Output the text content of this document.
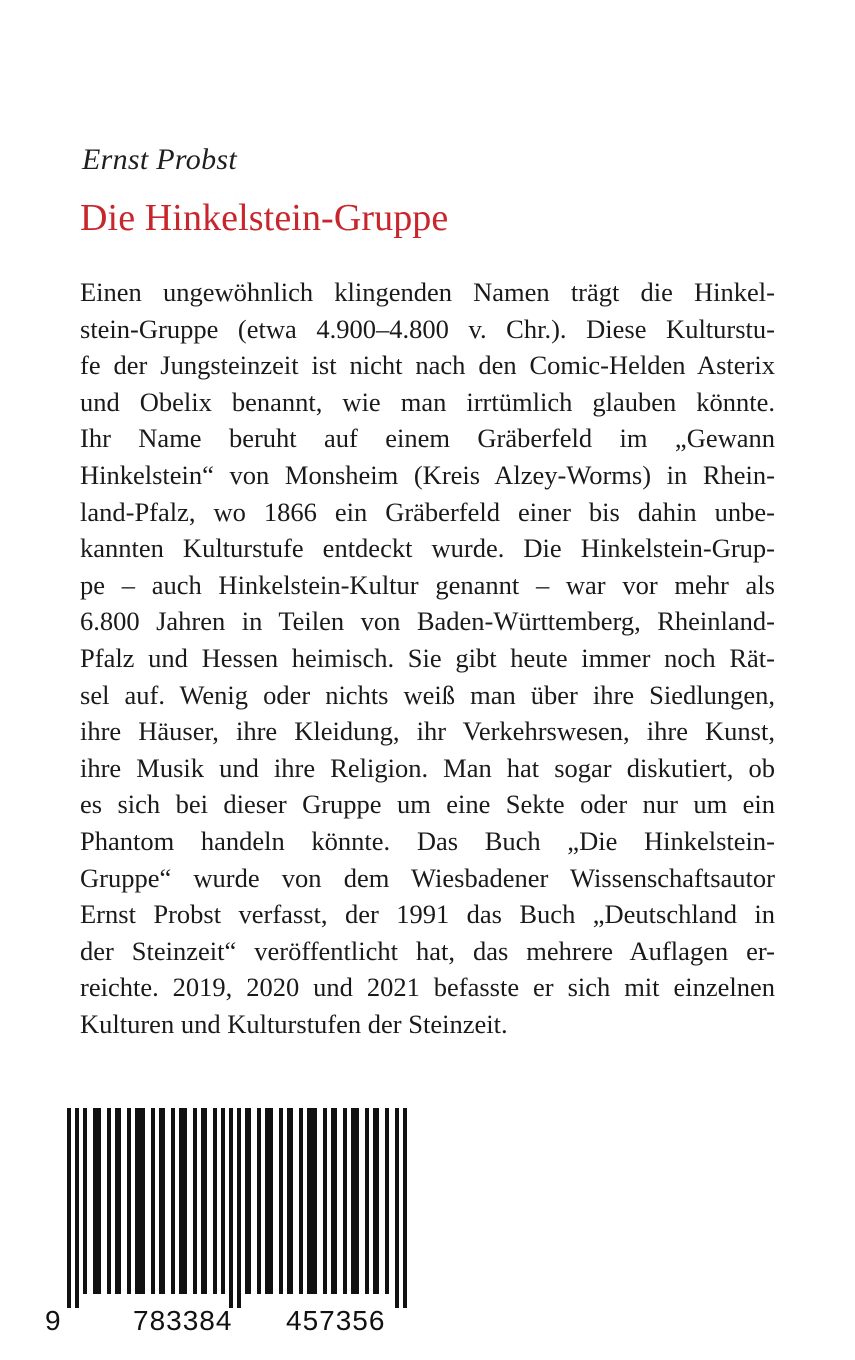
Ernst Probst
Die Hinkelstein-Gruppe
Einen ungewöhnlich klingenden Namen trägt die Hinkel-
stein-Gruppe (etwa 4.900–4.800 v. Chr.). Diese Kulturstu-
fe der Jungsteinzeit ist nicht nach den Comic-Helden Asterix
und Obelix benannt, wie man irrtümlich glauben könnte.
Ihr Name beruht auf einem Gräberfeld im „Gewann
Hinkelstein“ von Monsheim (Kreis Alzey-Worms) in Rhein-
land-Pfalz, wo 1866 ein Gräberfeld einer bis dahin unbe-
kannten Kulturstufe entdeckt wurde. Die Hinkelstein-Grup-
pe – auch Hinkelstein-Kultur genannt – war vor mehr als
6.800 Jahren in Teilen von Baden-Württemberg, Rheinland-
Pfalz und Hessen heimisch. Sie gibt heute immer noch Rät-
sel auf. Wenig oder nichts weiß man über ihre Siedlungen,
ihre Häuser, ihre Kleidung, ihr Verkehrswesen, ihre Kunst,
ihre Musik und ihre Religion. Man hat sogar diskutiert, ob
es sich bei dieser Gruppe um eine Sekte oder nur um ein
Phantom handeln könnte. Das Buch „Die Hinkelstein-
Gruppe“ wurde von dem Wiesbadener Wissenschaftsautor
Ernst Probst verfasst, der 1991 das Buch „Deutschland in
der Steinzeit“ veröffentlicht hat, das mehrere Auflagen er-
reichte. 2019, 2020 und 2021 befasste er sich mit einzelnen
Kulturen und Kulturstufen der Steinzeit.
9	783384 457356
